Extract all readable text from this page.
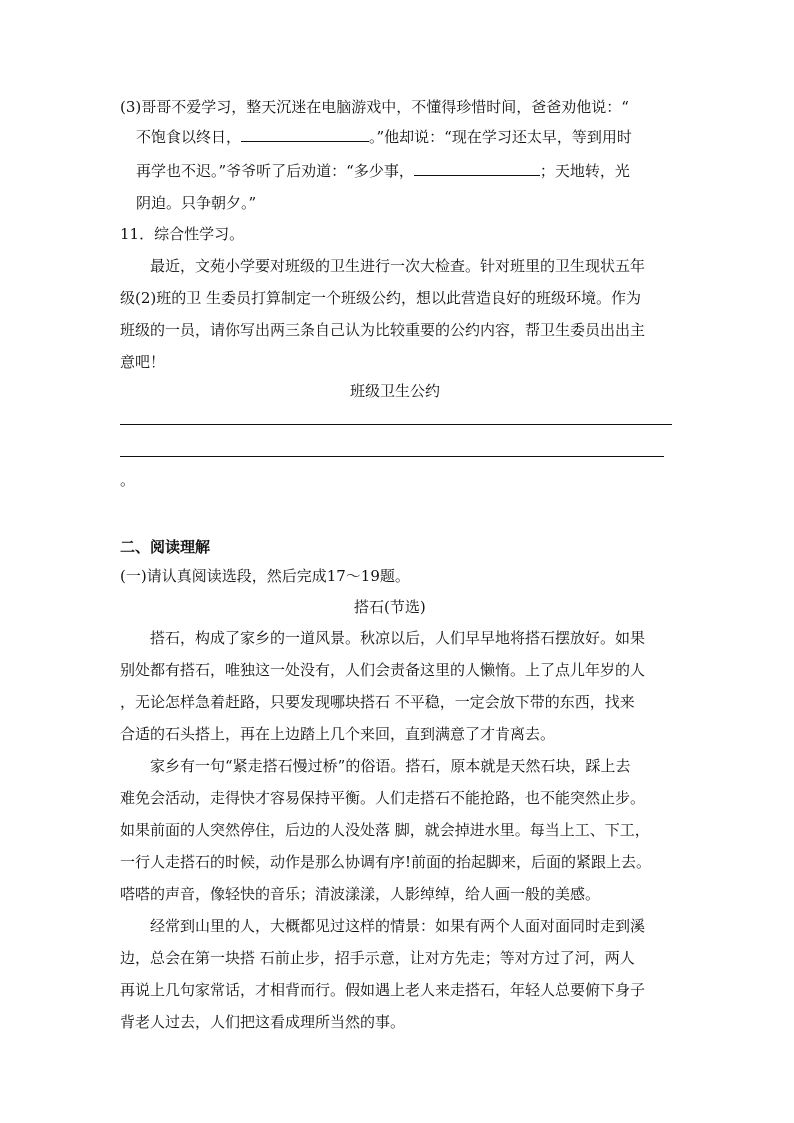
(3)哥哥不爱学习，整天沉迷在电脑游戏中，不懂得珍惜时间，爸爸劝他说：“
不饱食以终日，	。”他却说：“现在学习还太早，等到用时
再学也不迟。”爷爷听了后劝道：“多少事，	；天地转，光
阴迫。只争朝夕。”
11．综合性学习。
最近，文苑小学要对班级的卫生进行一次大检查。针对班里的卫生现状五年
级(2)班的卫 生委员打算制定一个班级公约，想以此营造良好的班级环境。作为
班级的一员，请你写出两三条自己认为比较重要的公约内容，帮卫生委员出出主
意吧！
班级卫生公约
。
二、阅读理解
(一)请认真阅读选段，然后完成17～19题。
搭石(节选)
搭石，构成了家乡的一道风景。秋凉以后，人们早早地将搭石摆放好。如果
别处都有搭石，唯独这一处没有，人们会责备这里的人懒惰。上了点儿年岁的人
，无论怎样急着赶路，只要发现哪块搭石 不平稳，一定会放下带的东西，找来
合适的石头搭上，再在上边踏上几个来回，直到满意了才肯离去。
家乡有一句“紧走搭石慢过桥”的俗语。搭石，原本就是天然石块，踩上去
难免会活动，走得快才容易保持平衡。人们走搭石不能抢路，也不能突然止步。
如果前面的人突然停住，后边的人没处落 脚，就会掉进水里。每当上工、下工，
一行人走搭石的时候，动作是那么协调有序!前面的抬起脚来，后面的紧跟上去。
嗒嗒的声音，像轻快的音乐；清波漾漾，人影绰绰，给人画一般的美感。
经常到山里的人，大概都见过这样的情景：如果有两个人面对面同时走到溪
边，总会在第一块搭 石前止步，招手示意，让对方先走；等对方过了河，两人
再说上几句家常话，才相背而行。假如遇上老人来走搭石，年轻人总要俯下身子
背老人过去，人们把这看成理所当然的事。
